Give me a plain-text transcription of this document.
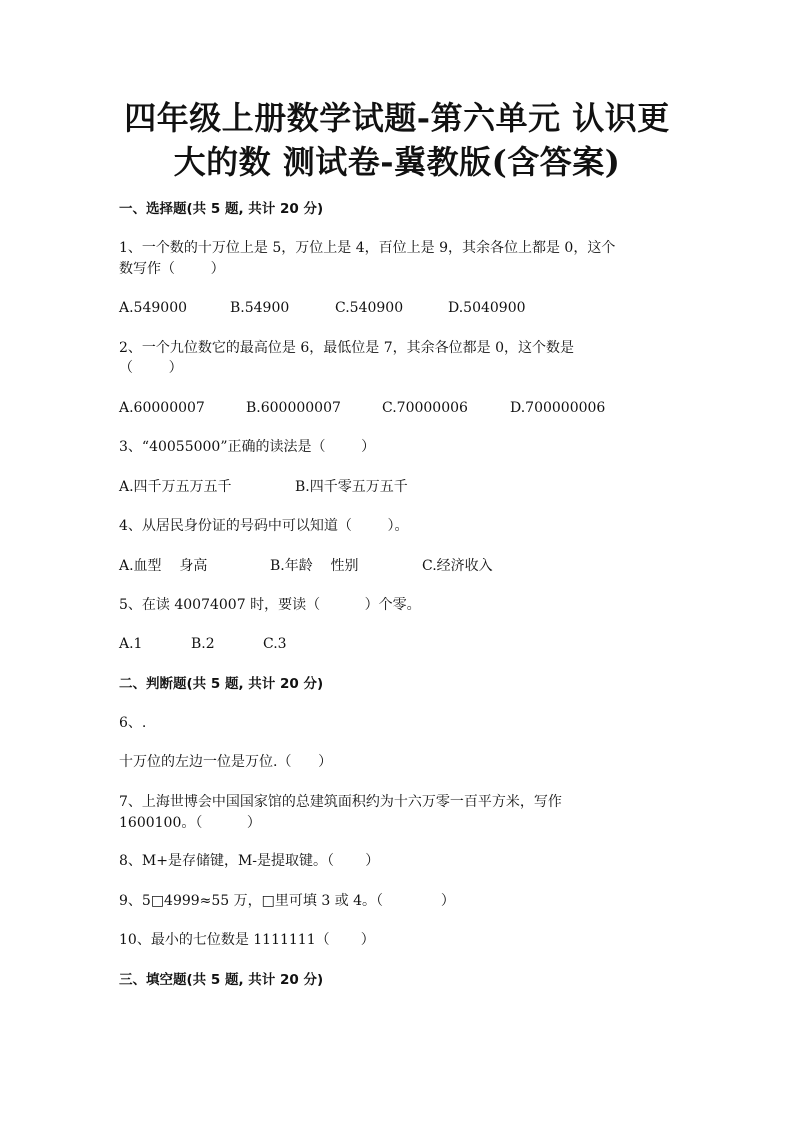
四年级上册数学试题-第六单元 认识更
大的数 测试卷-冀教版(含答案)
一、选择题(共 5 题, 共计 20 分)
1、一个数的十万位上是 5，万位上是 4，百位上是 9，其余各位上都是 0，这个
数写作（        ）
A.549000	B.54900	C.540900	D.5040900
2、一个九位数它的最高位是 6，最低位是 7，其余各位都是 0，这个数是
（        ）
A.60000007	B.600000007	C.70000006	D.700000006
3、“40055000”正确的读法是（        ）
A.四千万五万五千	B.四千零五万五千
4、从居民身份证的号码中可以知道（        ）。
A.血型    身高	B.年龄    性别	C.经济收入
5、在读 40074007 时，要读（          ）个零。
A.1	B.2	C.3
二、判断题(共 5 题, 共计 20 分)
6、.
十万位的左边一位是万位.（      ）
7、上海世博会中国国家馆的总建筑面积约为十六万零一百平方米，写作
1600100。（          ）
8、M+是存储键，M-是提取键。（       ）
9、5□4999≈55 万，□里可填 3 或 4。（             ）
10、最小的七位数是 1111111（       ）
三、填空题(共 5 题, 共计 20 分)
